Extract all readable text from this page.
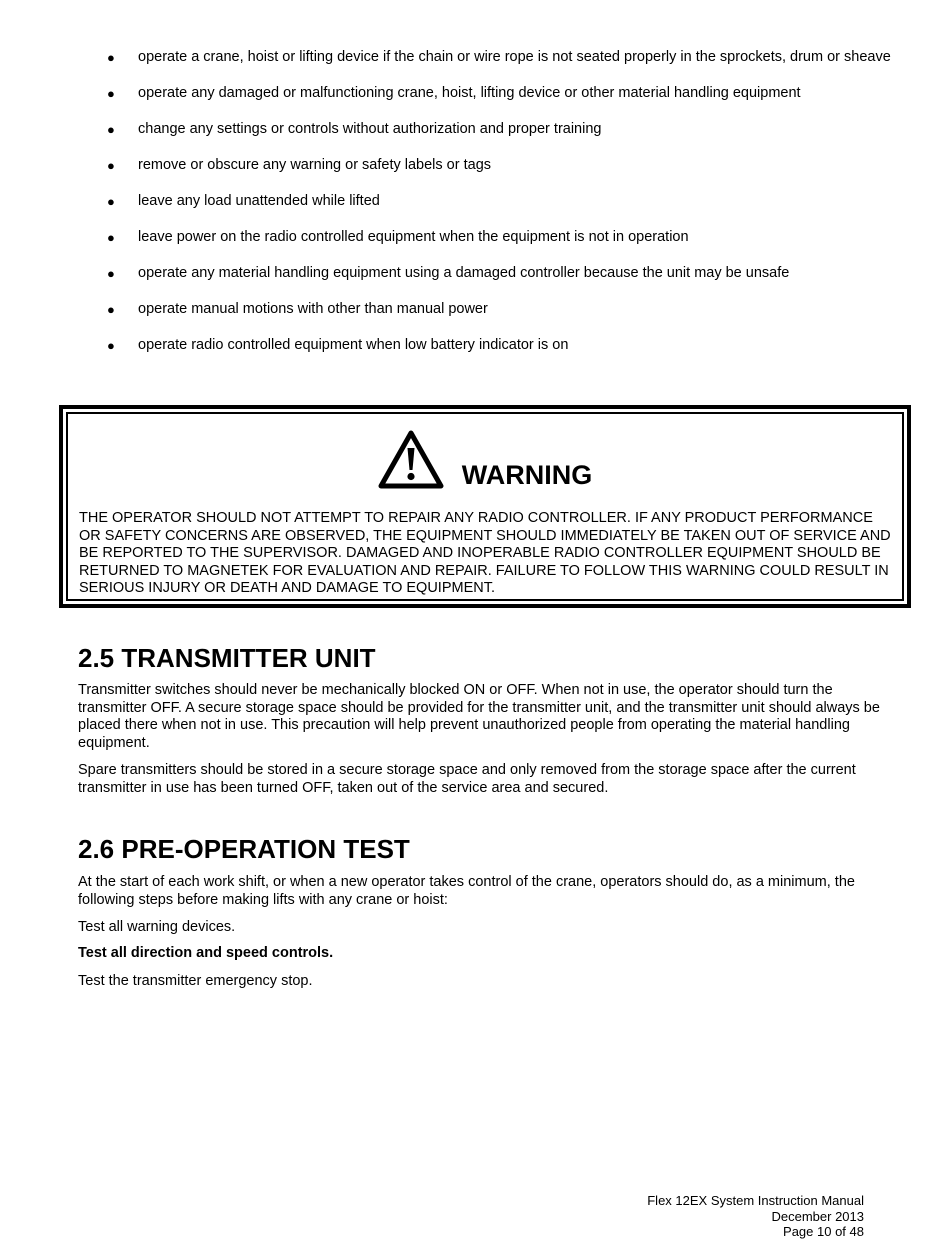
● operate a crane, hoist or lifting device if the chain or wire rope is not seated properly in the sprockets, drum or sheave
● operate any damaged or malfunctioning crane, hoist, lifting device or other material handling equipment
● change any settings or controls without authorization and proper training
● remove or obscure any warning or safety labels or tags
● leave any load unattended while lifted
● leave power on the radio controlled equipment when the equipment is not in operation
● operate any material handling equipment using a damaged controller because the unit may be unsafe
● operate manual motions with other than manual power
● operate radio controlled equipment when low battery indicator is on
WARNING
THE OPERATOR SHOULD NOT ATTEMPT TO REPAIR ANY RADIO CONTROLLER. IF ANY PRODUCT PERFORMANCE OR SAFETY CONCERNS ARE OBSERVED, THE EQUIPMENT SHOULD IMMEDIATELY BE TAKEN OUT OF SERVICE AND BE REPORTED TO THE SUPERVISOR. DAMAGED AND INOPERABLE RADIO CONTROLLER EQUIPMENT SHOULD BE RETURNED TO MAGNETEK FOR EVALUATION AND REPAIR. FAILURE TO FOLLOW THIS WARNING COULD RESULT IN SERIOUS INJURY OR DEATH AND DAMAGE TO EQUIPMENT.
2.5 TRANSMITTER UNIT

Transmitter switches should never be mechanically blocked ON or OFF. When not in use, the operator should turn the transmitter OFF. A secure storage space should be provided for the transmitter unit, and the transmitter unit should always be placed there when not in use. This precaution will help prevent unauthorized people from operating the material handling equipment.

Spare transmitters should be stored in a secure storage space and only removed from the storage space after the current transmitter in use has been turned OFF, taken out of the service area and secured.

2.6 PRE-OPERATION TEST

At the start of each work shift, or when a new operator takes control of the crane, operators should do, as a minimum, the following steps before making lifts with any crane or hoist:

Test all warning devices.

Test all direction and speed controls.

Test the transmitter emergency stop.

Flex 12EX System Instruction Manual
December 2013
Page 10 of 48
